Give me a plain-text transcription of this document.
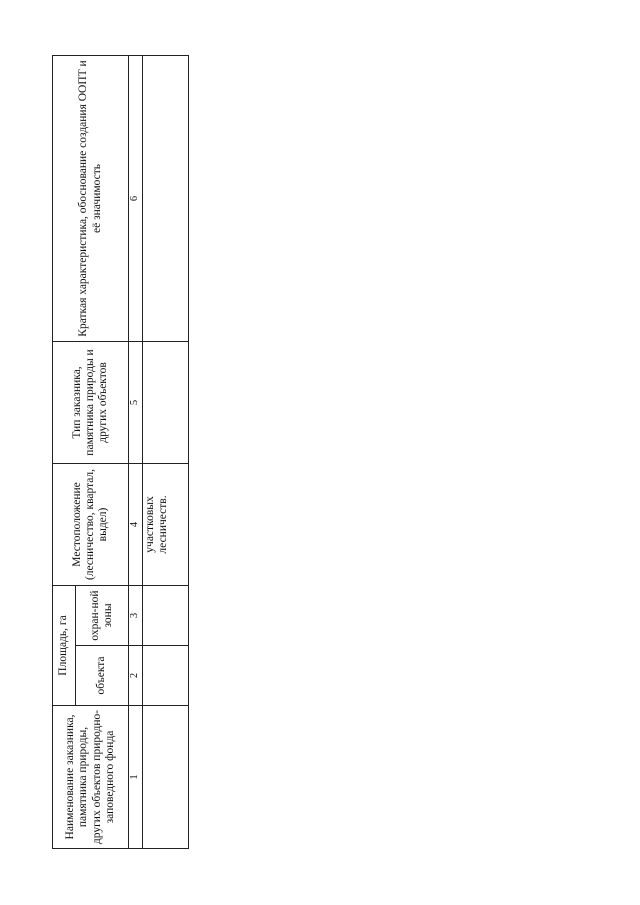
Наименование заказника, памятника природы, других объектов природно-заповедного фонда	Площадь, га		Местоположение (лесничество, квартал, выдел)	Тип заказника, памятника природы и других объектов	Краткая характеристика, обоснование создания ООПТ и её значимость
	объекта	охран-ной зоны			
1	2	3	4	5	6
			участковых лесничеств.		
